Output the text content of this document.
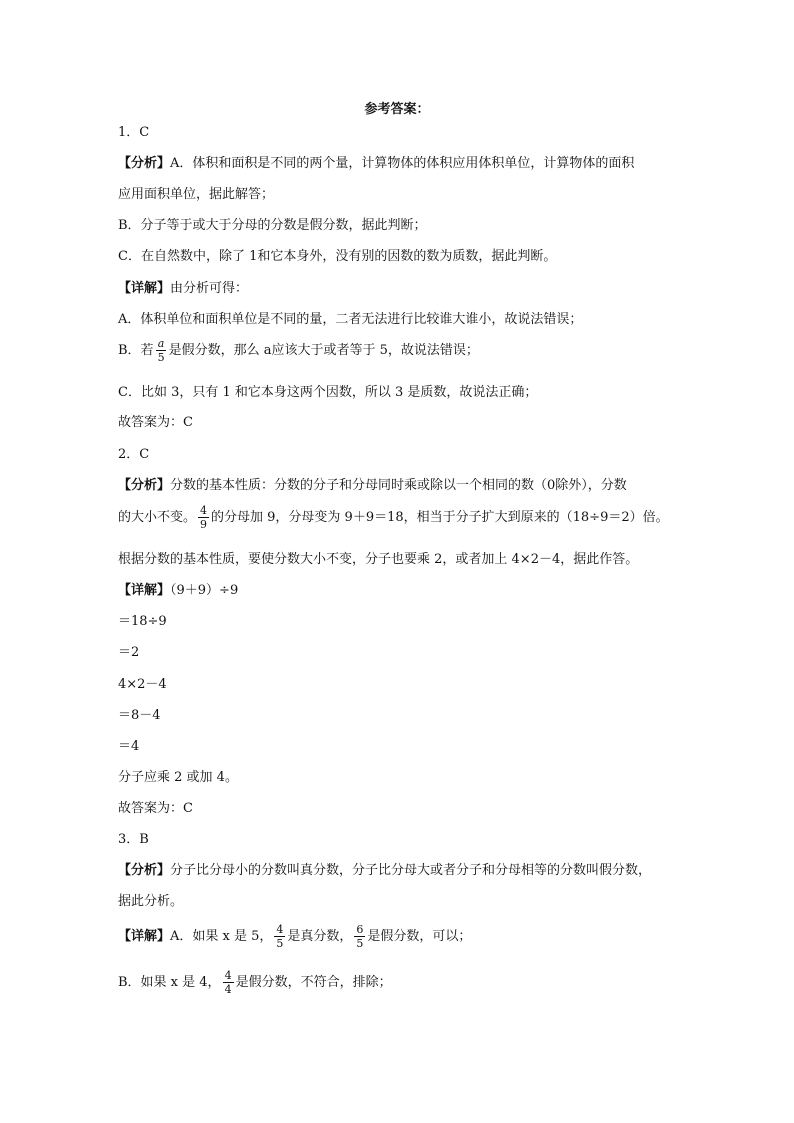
参考答案：
1．C
【分析】A．体积和面积是不同的两个量，计算物体的体积应用体积单位，计算物体的面积
应用面积单位，据此解答；
B．分子等于或大于分母的分数是假分数，据此判断；
C．在自然数中，除了 1和它本身外，没有别的因数的数为质数，据此判断。
【详解】由分析可得：
A．体积单位和面积单位是不同的量，二者无法进行比较谁大谁小，故说法错误；
B．若 $\frac{a}{5}$ 是假分数，那么 a应该大于或者等于 5，故说法错误；
C．比如 3，只有 1 和它本身这两个因数，所以 3 是质数，故说法正确；
故答案为：C
2．C
【分析】分数的基本性质：分数的分子和分母同时乘或除以一个相同的数（0除外），分数
的大小不变。 $\frac{4}{9}$ 的分母加 9，分母变为 9＋9＝18，相当于分子扩大到原来的（18÷9＝2）倍。
根据分数的基本性质，要使分数大小不变，分子也要乘 2，或者加上 4×2－4，据此作答。
【详解】（9＋9）÷9
＝18÷9
＝2
4×2－4
＝8－4
＝4
分子应乘 2 或加 4。
故答案为：C
3．B
【分析】分子比分母小的分数叫真分数，分子比分母大或者分子和分母相等的分数叫假分数，
据此分析。
【详解】A．如果 x 是 5， $\frac{4}{5}$ 是真分数， $\frac{6}{5}$ 是假分数，可以；
B．如果 x 是 4， $\frac{4}{4}$ 是假分数，不符合，排除；
